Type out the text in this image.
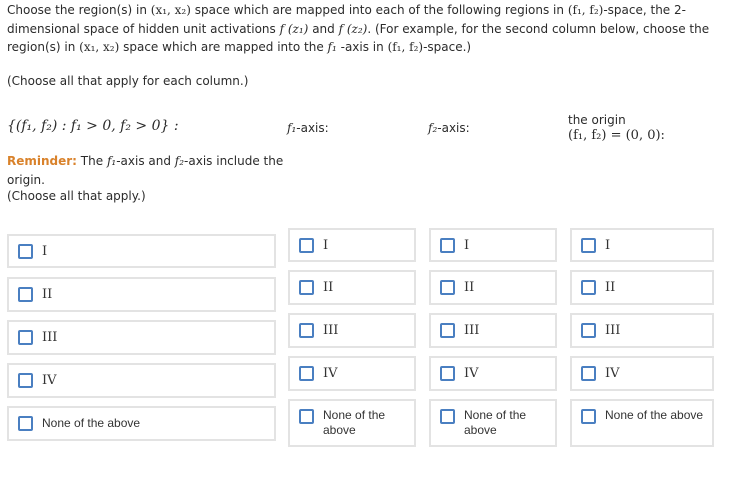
Choose the region(s) in (x₁, x₂) space which are mapped into each of the following regions in (f₁, f₂)-space, the 2-dimensional space of hidden unit activations f (z₁) and f (z₂). (For example, for the second column below, choose the region(s) in (x₁, x₂) space which are mapped into the f₁ -axis in (f₁, f₂)-space.)

(Choose all that apply for each column.)
{(f₁, f₂) : f₁ > 0, f₂ > 0} :	f₁-axis:	f₂-axis:
the origin
(f₁, f₂) = (0, 0):
Reminder: The f₁-axis and f₂-axis include the origin.
(Choose all that apply.)
I
II
III
IV
None of the above
I
II
III
IV
None of the above
I
II
III
IV
None of the above
I
II
III
IV
None of the above
